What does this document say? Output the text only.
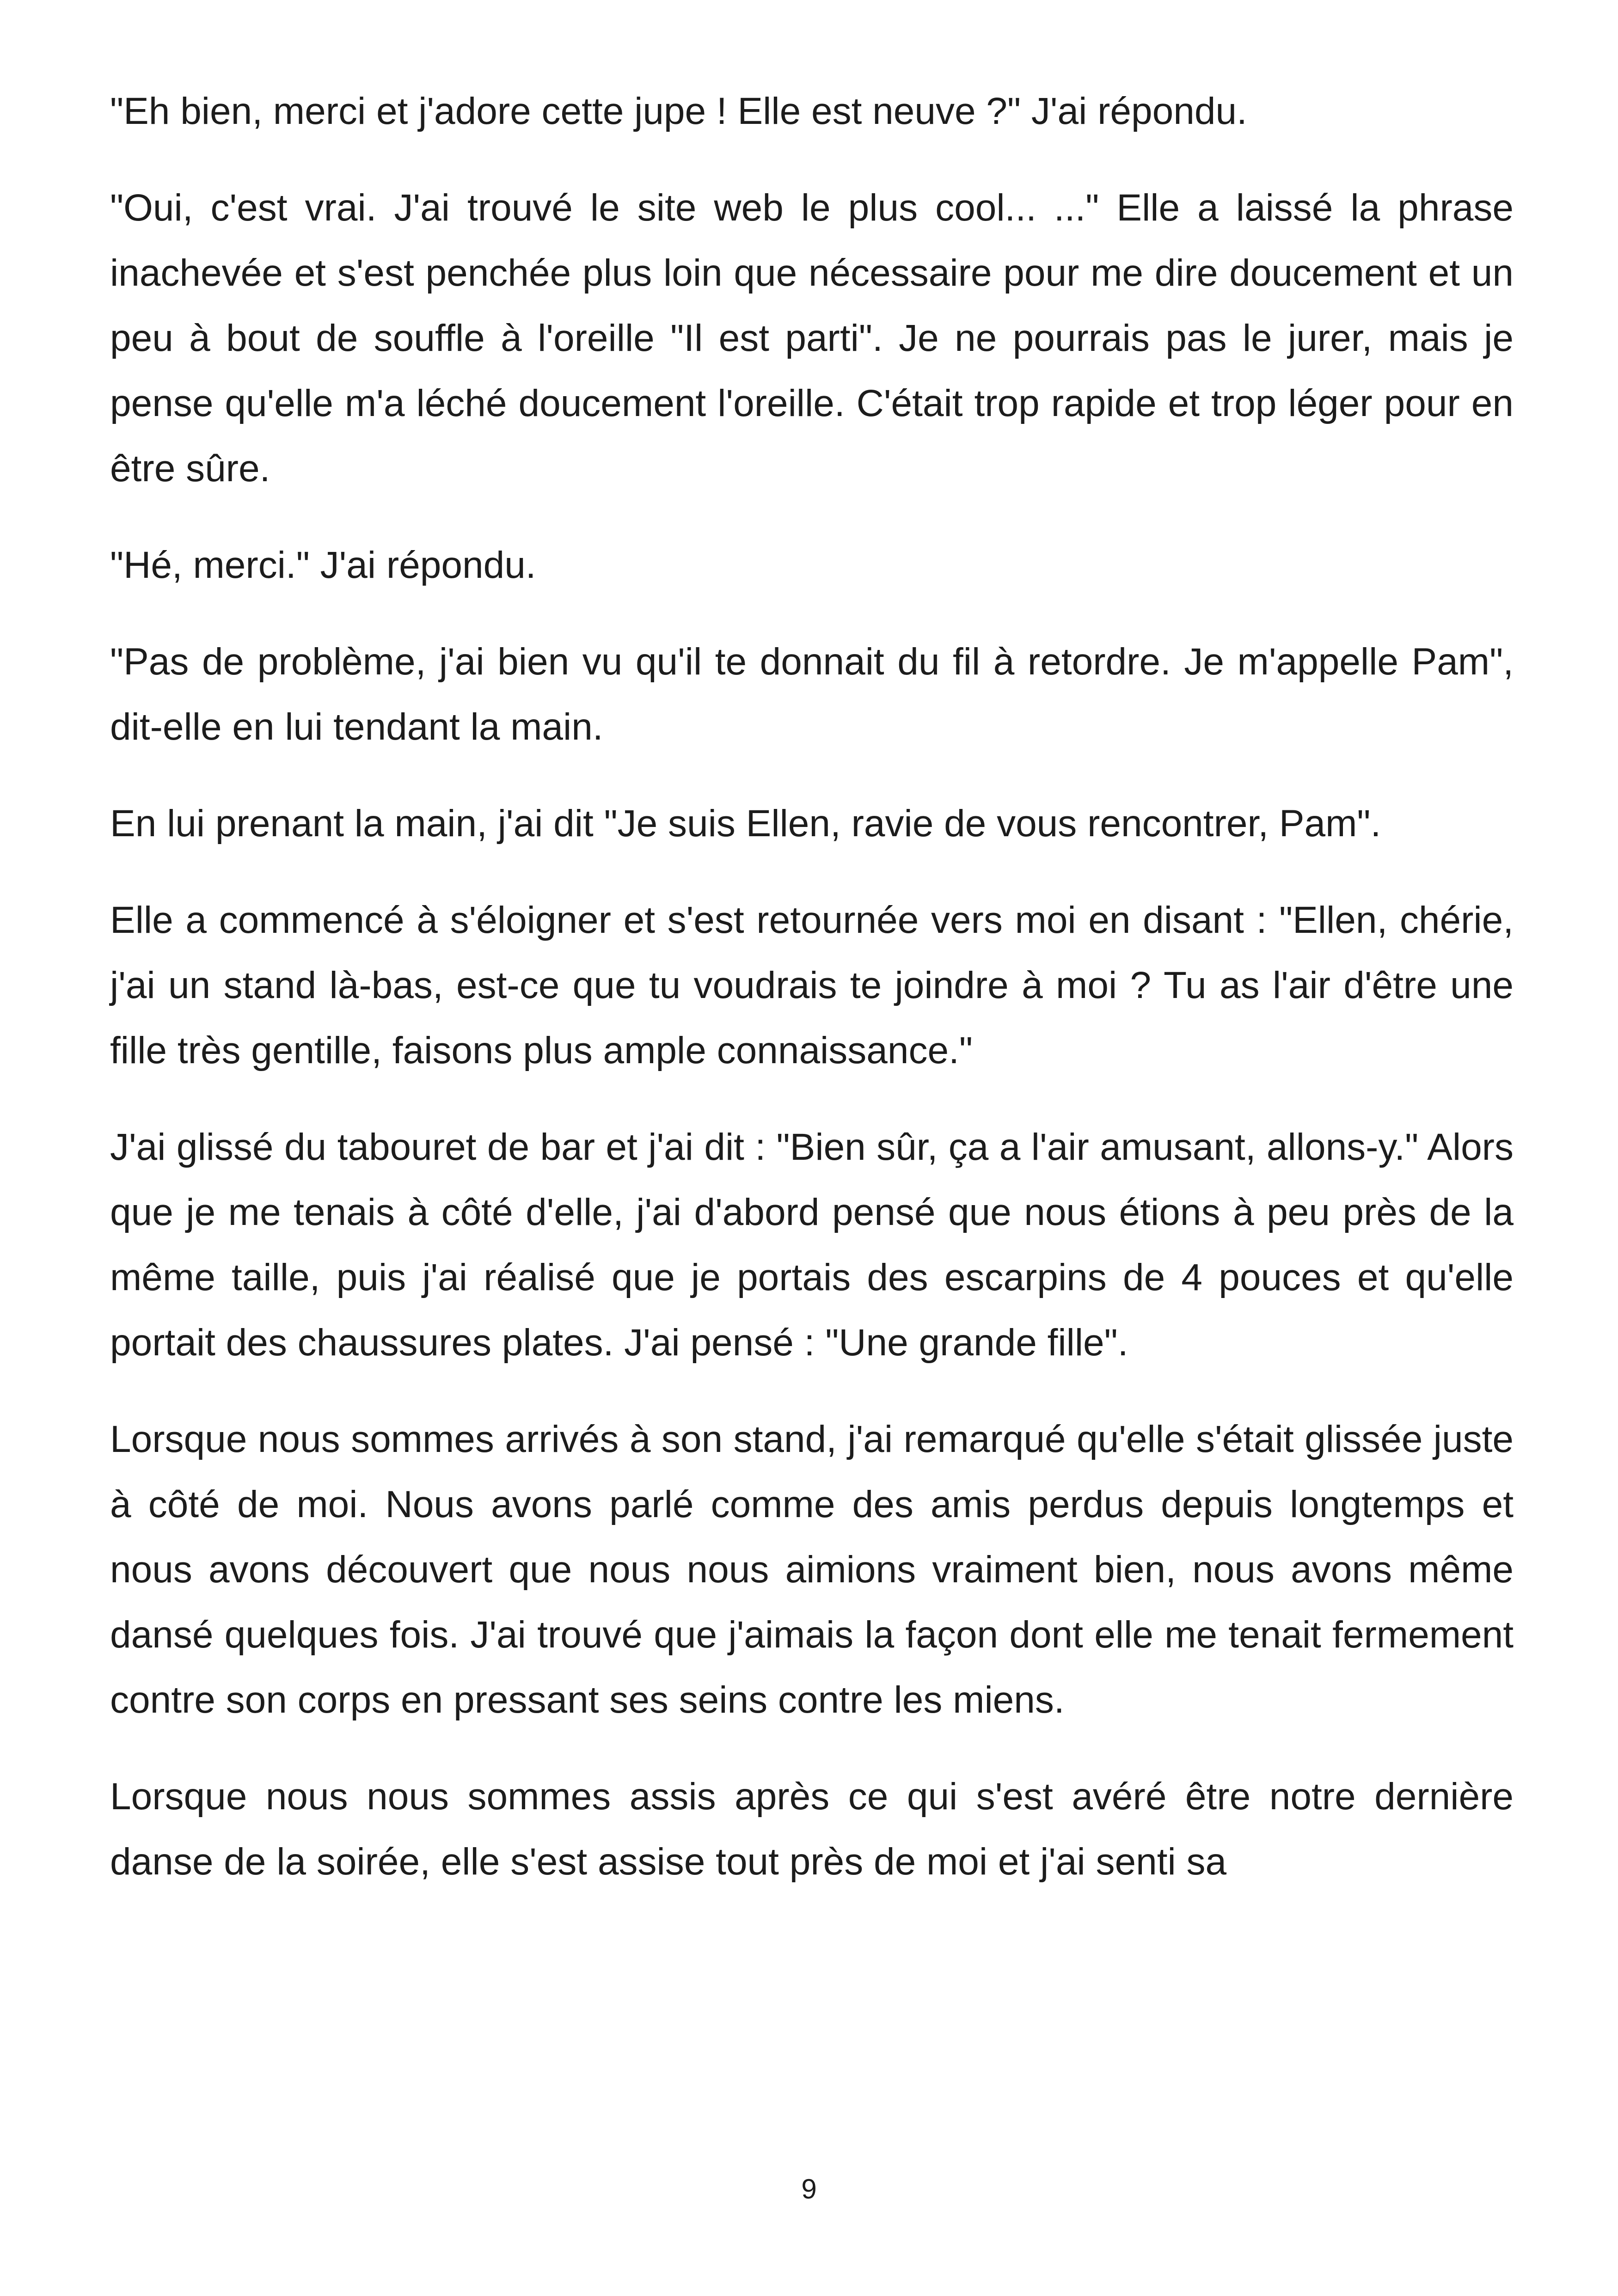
"Eh bien, merci et j'adore cette jupe ! Elle est neuve ?" J'ai répondu.

"Oui, c'est vrai. J'ai trouvé le site web le plus cool... ..." Elle a laissé la phrase inachevée et s'est penchée plus loin que nécessaire pour me dire doucement et un peu à bout de souffle à l'oreille "Il est parti". Je ne pourrais pas le jurer, mais je pense qu'elle m'a léché doucement l'oreille. C'était trop rapide et trop léger pour en être sûre.

"Hé, merci." J'ai répondu.

"Pas de problème, j'ai bien vu qu'il te donnait du fil à retordre. Je m'appelle Pam", dit-elle en lui tendant la main.

En lui prenant la main, j'ai dit "Je suis Ellen, ravie de vous rencontrer, Pam".

Elle a commencé à s'éloigner et s'est retournée vers moi en disant : "Ellen, chérie, j'ai un stand là-bas, est-ce que tu voudrais te joindre à moi ? Tu as l'air d'être une fille très gentille, faisons plus ample connaissance."

J'ai glissé du tabouret de bar et j'ai dit : "Bien sûr, ça a l'air amusant, allons-y." Alors que je me tenais à côté d'elle, j'ai d'abord pensé que nous étions à peu près de la même taille, puis j'ai réalisé que je portais des escarpins de 4 pouces et qu'elle portait des chaussures plates. J'ai pensé : "Une grande fille".

Lorsque nous sommes arrivés à son stand, j'ai remarqué qu'elle s'était glissée juste à côté de moi. Nous avons parlé comme des amis perdus depuis longtemps et nous avons découvert que nous nous aimions vraiment bien, nous avons même dansé quelques fois. J'ai trouvé que j'aimais la façon dont elle me tenait fermement contre son corps en pressant ses seins contre les miens.

Lorsque nous nous sommes assis après ce qui s'est avéré être notre dernière danse de la soirée, elle s'est assise tout près de moi et j'ai senti sa

9
